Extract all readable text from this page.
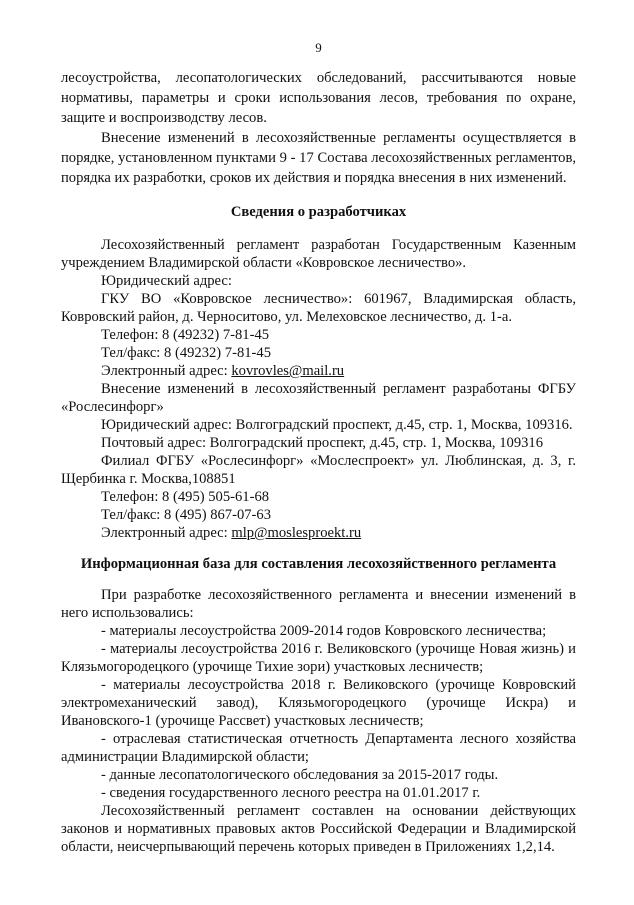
9

лесоустройства, лесопатологических обследований, рассчитываются новые нормативы, параметры и сроки использования лесов, требования по охране, защите и воспроизводству лесов.

Внесение изменений в лесохозяйственные регламенты осуществляется в порядке, установленном пунктами 9 - 17 Состава лесохозяйственных регламентов, порядка их разработки, сроков их действия и порядка внесения в них изменений.

Сведения о разработчиках

Лесохозяйственный регламент разработан Государственным Казенным учреждением Владимирской области «Ковровское лесничество».

Юридический адрес:

ГКУ ВО «Ковровское лесничество»: 601967, Владимирская область, Ковровский район, д. Черноситово, ул. Мелеховское лесничество, д. 1-а.

Телефон: 8 (49232) 7-81-45

Тел/факс: 8 (49232) 7-81-45

Электронный адрес: kovrovles@mail.ru

Внесение изменений в лесохозяйственный регламент разработаны ФГБУ «Рослесинфорг»

Юридический адрес: Волгоградский проспект, д.45, стр. 1, Москва, 109316.

Почтовый адрес: Волгоградский проспект, д.45, стр. 1, Москва, 109316

Филиал ФГБУ «Рослесинфорг» «Мослеспроект» ул. Люблинская, д. 3, г. Щербинка г. Москва,108851

Телефон: 8 (495) 505-61-68

Тел/факс: 8 (495) 867-07-63

Электронный адрес: mlp@moslesproekt.ru

Информационная база для составления лесохозяйственного регламента

При разработке лесохозяйственного регламента и внесении изменений в него использовались:

- материалы лесоустройства 2009-2014 годов Ковровского лесничества;

- материалы лесоустройства 2016 г. Великовского (урочище Новая жизнь) и Клязьмогородецкого (урочище Тихие зори) участковых лесничеств;

- материалы лесоустройства 2018 г. Великовского (урочище Ковровский электромеханический завод), Клязьмогородецкого (урочище Искра) и Ивановского-1 (урочище Рассвет) участковых лесничеств;

- отраслевая статистическая отчетность Департамента лесного хозяйства администрации Владимирской области;

- данные лесопатологического обследования за 2015-2017 годы.

- сведения государственного лесного реестра на 01.01.2017 г.

Лесохозяйственный регламент составлен на основании действующих законов и нормативных правовых актов Российской Федерации и Владимирской области, неисчерпывающий перечень которых приведен в Приложениях 1,2,14.
